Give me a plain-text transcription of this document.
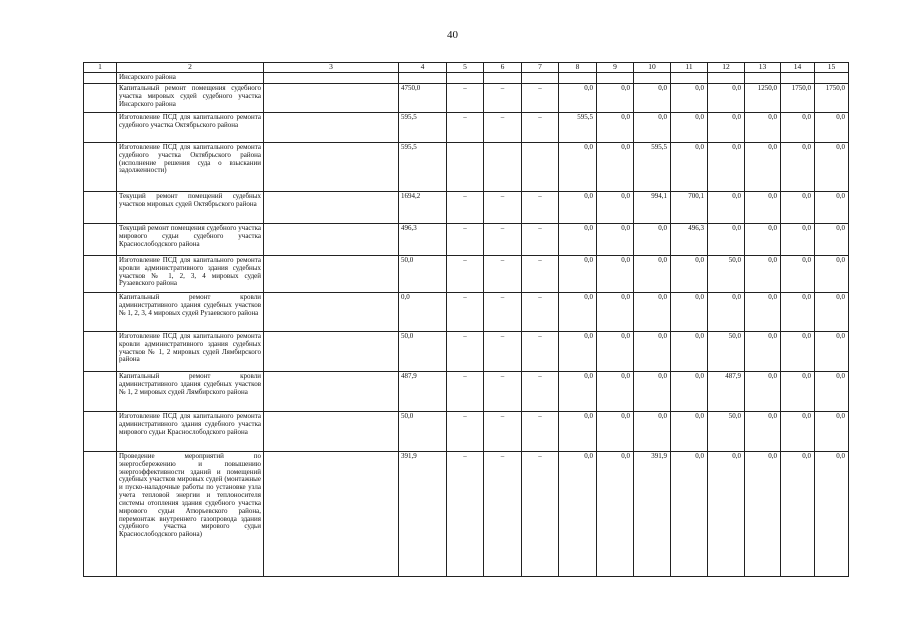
40
1	2	3	4	5	6	7	8	9	10	11	12	13	14	15
	Инсарского района													
	Капитальный ремонт помещения судебного участка мировых судей судебного участка Инсарского района		4750,0	–	–	–	0,0	0,0	0,0	0,0	0,0	1250,0	1750,0	1750,0
	Изготовление ПСД для капитального ремонта судебного участка Октябрьского района		595,5	–	–	–	595,5	0,0	0,0	0,0	0,0	0,0	0,0	0,0
	Изготовление ПСД для капитального ремонта судебного участка Октябрьского района (исполнение решения суда о взыскании задолженности)		595,5				0,0	0,0	595,5	0,0	0,0	0,0	0,0	0,0
	Текущий ремонт помещений судебных участков мировых судей Октябрьского района		1694,2	–	–	–	0,0	0,0	994,1	700,1	0,0	0,0	0,0	0,0
	Текущий ремонт помещения судебного участка мирового судьи судебного участка Краснослободского района		496,3	–	–	–	0,0	0,0	0,0	496,3	0,0	0,0	0,0	0,0
	Изготовление ПСД для капитального ремонта кровли административного здания судебных участков № 1, 2, 3, 4 мировых судей Рузаевского района		50,0	–	–	–	0,0	0,0	0,0	0,0	50,0	0,0	0,0	0,0
	Капитальный ремонт кровли административного здания судебных участков № 1, 2, 3, 4 мировых судей Рузаевского района		0,0	–	–	–	0,0	0,0	0,0	0,0	0,0	0,0	0,0	0,0
	Изготовление ПСД для капитального ремонта кровли административного здания судебных участков № 1, 2 мировых судей Лямбирского района		50,0	–	–	–	0,0	0,0	0,0	0,0	50,0	0,0	0,0	0,0
	Капитальный ремонт кровли административного здания судебных участков № 1, 2 мировых судей Лямбирского района		487,9	–	–	–	0,0	0,0	0,0	0,0	487,9	0,0	0,0	0,0
	Изготовление ПСД для капитального ремонта административного здания судебного участка мирового судьи Краснослободского района		50,0	–	–	–	0,0	0,0	0,0	0,0	50,0	0,0	0,0	0,0
	Проведение мероприятий по энергосбережению и повышению энергоэффективности зданий и помещений судебных участков мировых судей (монтажные и пуско-наладочные работы по установке узла учета тепловой энергии и теплоносителя системы отопления здания судебного участка мирового судьи Атюрьевского района, перемонтаж внутреннего газопровода здания судебного участка мирового судьи Краснослободского района)		391,9	–	–	–	0,0	0,0	391,9	0,0	0,0	0,0	0,0	0,0
